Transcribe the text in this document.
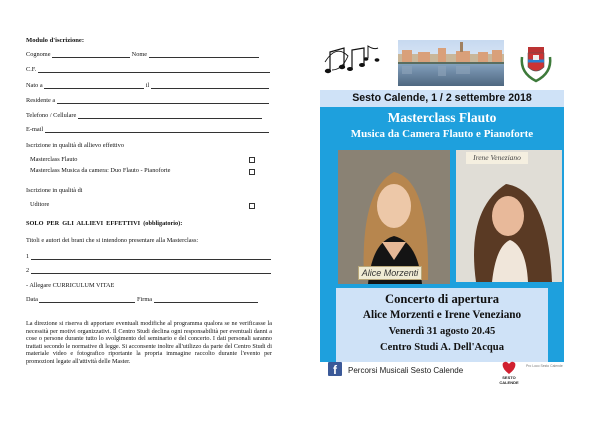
Modulo d'iscrizione:
Cognome	Nome
C.F.
Nato a	il
Residente a
Telefono / Cellulare
E-mail
Iscrizione in qualità di allievo effettivo
Masterclass Flauto
Masterclass Musica da camera: Duo Flauto - Pianoforte
Iscrizione in qualità di
Uditore
SOLO PER GLI ALLIEVI EFFETTIVI (obbligatorio):
Titoli e autori dei brani che si intendono presentare alla Masterclass:
1
2
- Allegare CURRICULUM VITAE
Data	Firma
La direzione si riserva di apportare eventuali modifiche al programma qualora se ne verificasse la necessità per motivi organizzativi. Il Centro Studi declina ogni responsabilità per eventuali danni a cose o persone durante tutto lo svolgimento del seminario e del concerto. I dati personali saranno trattati secondo le normative di legge. Si acconsente inoltre all'utilizzo da parte del Centro Studi di materiale video e fotografico riportante la propria immagine raccolto durante l'evento per promozioni legate all'attività delle Master.
Sesto Calende, 1 / 2 settembre 2018
Masterclass Flauto
Musica da Camera Flauto e Pianoforte
Alice Morzenti
Irene Veneziano
Concerto di apertura
Alice Morzenti e Irene Veneziano
Venerdì 31 agosto 20.45
Centro Studi A. Dell'Acqua
f	Percorsi Musicali Sesto Calende
SESTO CALENDE
Pro Loco Sesto Calende
